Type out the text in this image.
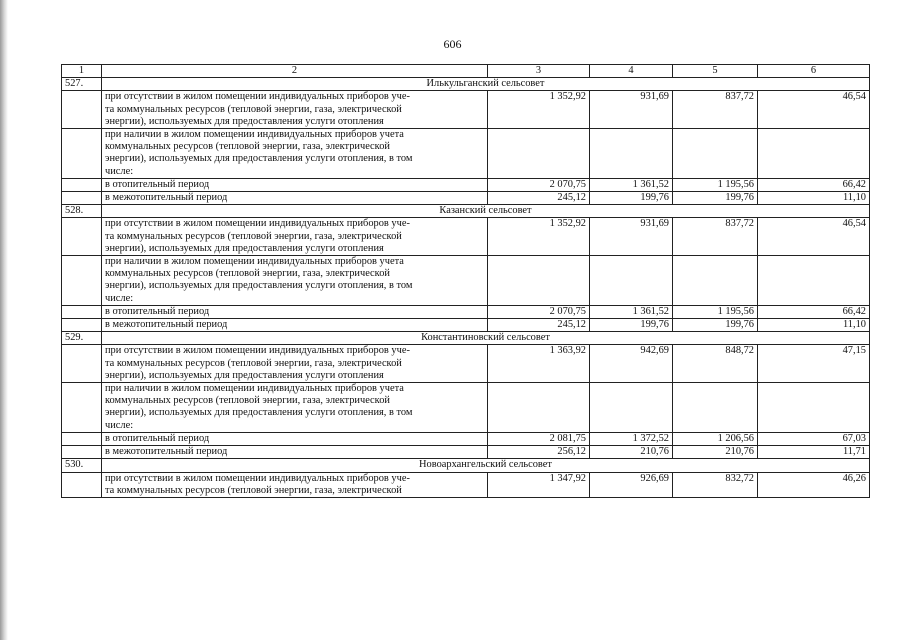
606
1	2	3	4	5	6
527.	Илькульганский сельсовет				
	при отсутствии в жилом помещении индивидуальных приборов уче-
та коммунальных ресурсов (тепловой энергии, газа, электрической
энергии), используемых для предоставления услуги отопления	1 352,92	931,69	837,72	46,54
	при наличии в жилом помещении индивидуальных приборов учета
коммунальных ресурсов (тепловой энергии, газа, электрической
энергии), используемых для предоставления услуги отопления, в том
числе:				
	в отопительный период	2 070,75	1 361,52	1 195,56	66,42
	в межотопительный период	245,12	199,76	199,76	11,10
528.	Казанский сельсовет				
	при отсутствии в жилом помещении индивидуальных приборов уче-
та коммунальных ресурсов (тепловой энергии, газа, электрической
энергии), используемых для предоставления услуги отопления	1 352,92	931,69	837,72	46,54
	при наличии в жилом помещении индивидуальных приборов учета
коммунальных ресурсов (тепловой энергии, газа, электрической
энергии), используемых для предоставления услуги отопления, в том
числе:				
	в отопительный период	2 070,75	1 361,52	1 195,56	66,42
	в межотопительный период	245,12	199,76	199,76	11,10
529.	Константиновский сельсовет				
	при отсутствии в жилом помещении индивидуальных приборов уче-
та коммунальных ресурсов (тепловой энергии, газа, электрической
энергии), используемых для предоставления услуги отопления	1 363,92	942,69	848,72	47,15
	при наличии в жилом помещении индивидуальных приборов учета
коммунальных ресурсов (тепловой энергии, газа, электрической
энергии), используемых для предоставления услуги отопления, в том
числе:				
	в отопительный период	2 081,75	1 372,52	1 206,56	67,03
	в межотопительный период	256,12	210,76	210,76	11,71
530.	Новоархангельский сельсовет				
	при отсутствии в жилом помещении индивидуальных приборов уче-
та коммунальных ресурсов (тепловой энергии, газа, электрической	1 347,92	926,69	832,72	46,26
